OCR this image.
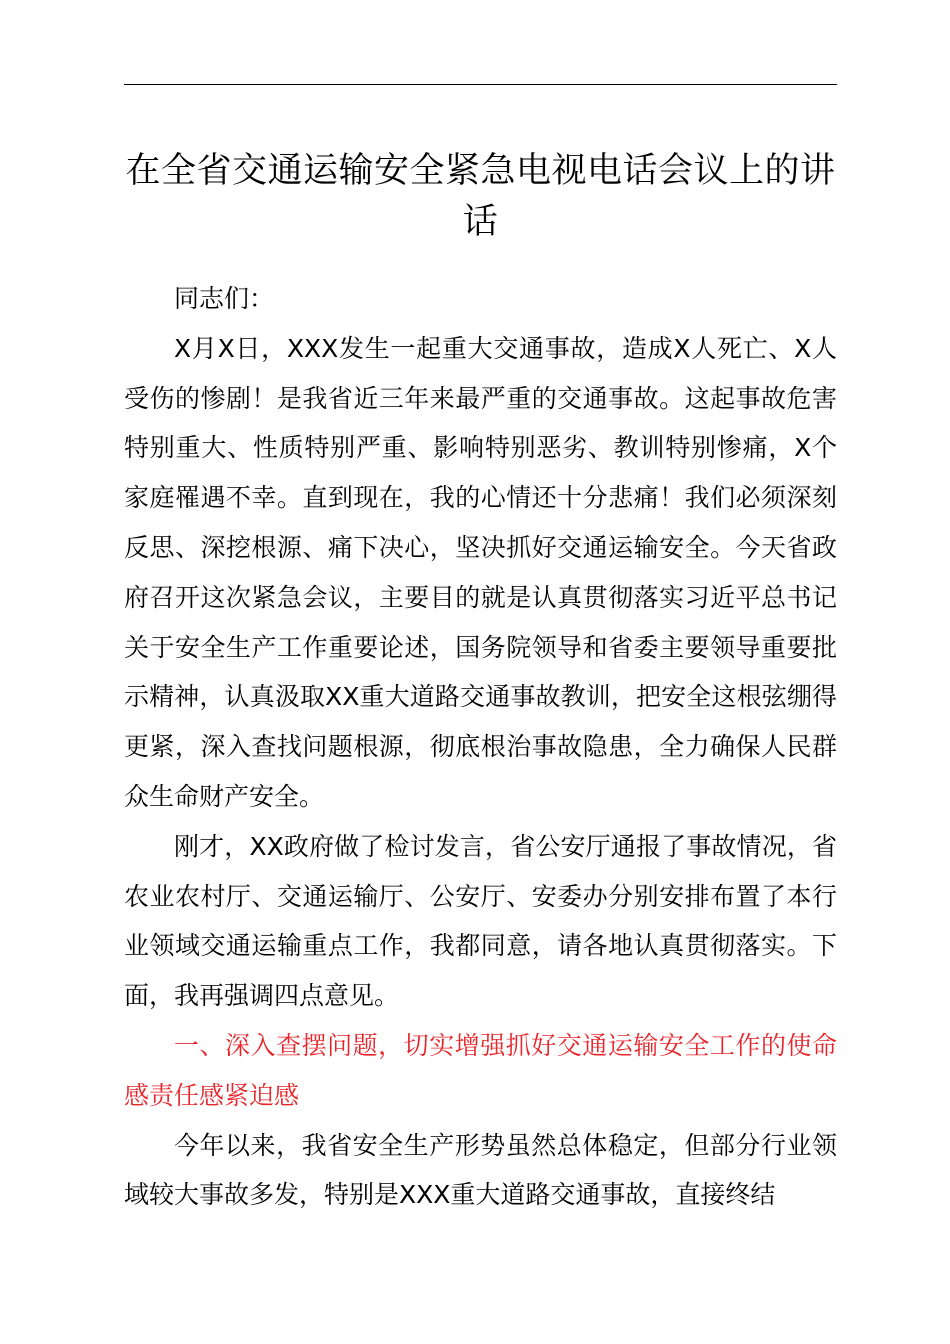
在全省交通运输安全紧急电视电话会议上的讲话

同志们：

X月X日，XXX发生一起重大交通事故，造成X人死亡、X人受伤的惨剧！是我省近三年来最严重的交通事故。这起事故危害特别重大、性质特别严重、影响特别恶劣、教训特别惨痛，X个家庭罹遇不幸。直到现在，我的心情还十分悲痛！我们必须深刻反思、深挖根源、痛下决心，坚决抓好交通运输安全。今天省政府召开这次紧急会议，主要目的就是认真贯彻落实习近平总书记关于安全生产工作重要论述，国务院领导和省委主要领导重要批示精神，认真汲取XX重大道路交通事故教训，把安全这根弦绷得更紧，深入查找问题根源，彻底根治事故隐患，全力确保人民群众生命财产安全。

刚才，XX政府做了检讨发言，省公安厅通报了事故情况，省农业农村厅、交通运输厅、公安厅、安委办分别安排布置了本行业领域交通运输重点工作，我都同意，请各地认真贯彻落实。下面，我再强调四点意见。

一、深入查摆问题，切实增强抓好交通运输安全工作的使命感责任感紧迫感

今年以来，我省安全生产形势虽然总体稳定，但部分行业领域较大事故多发，特别是XXX重大道路交通事故，直接终结
